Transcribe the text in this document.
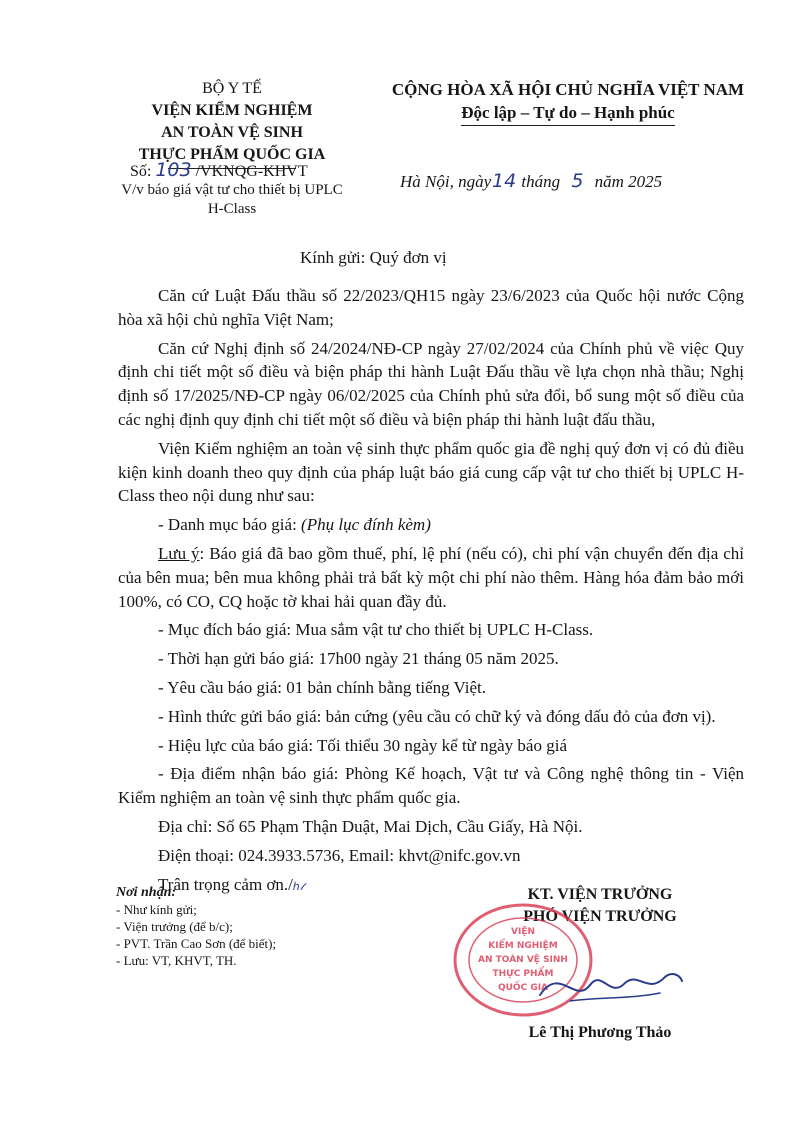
BỘ Y TẾ
VIỆN KIỂM NGHIỆM
AN TOÀN VỆ SINH
THỰC PHẨM QUỐC GIA
CỘNG HÒA XÃ HỘI CHỦ NGHĨA VIỆT NAM
Độc lập – Tự do – Hạnh phúc
Số: 103 /VKNQG-KHVT
V/v báo giá vật tư cho thiết bị UPLC H-Class
Hà Nội, ngày14 tháng 5 năm 2025
Kính gửi: Quý đơn vị

Căn cứ Luật Đấu thầu số 22/2023/QH15 ngày 23/6/2023 của Quốc hội nước Cộng hòa xã hội chủ nghĩa Việt Nam;

Căn cứ Nghị định số 24/2024/NĐ-CP ngày 27/02/2024 của Chính phủ về việc Quy định chi tiết một số điều và biện pháp thi hành Luật Đấu thầu về lựa chọn nhà thầu; Nghị định số 17/2025/NĐ-CP ngày 06/02/2025 của Chính phủ sửa đổi, bổ sung một số điều của các nghị định quy định chi tiết một số điều và biện pháp thi hành luật đấu thầu,

Viện Kiểm nghiệm an toàn vệ sinh thực phẩm quốc gia đề nghị quý đơn vị có đủ điều kiện kinh doanh theo quy định của pháp luật báo giá cung cấp vật tư cho thiết bị UPLC H-Class theo nội dung như sau:

- Danh mục báo giá: (Phụ lục đính kèm)

Lưu ý: Báo giá đã bao gồm thuế, phí, lệ phí (nếu có), chi phí vận chuyển đến địa chỉ của bên mua; bên mua không phải trả bất kỳ một chi phí nào thêm. Hàng hóa đảm bảo mới 100%, có CO, CQ hoặc tờ khai hải quan đầy đủ.

- Mục đích báo giá: Mua sắm vật tư cho thiết bị UPLC H-Class.

- Thời hạn gửi báo giá: 17h00 ngày 21 tháng 05 năm 2025.

- Yêu cầu báo giá: 01 bản chính bằng tiếng Việt.

- Hình thức gửi báo giá: bản cứng (yêu cầu có chữ ký và đóng dấu đỏ của đơn vị).

- Hiệu lực của báo giá: Tối thiểu 30 ngày kể từ ngày báo giá

- Địa điểm nhận báo giá: Phòng Kế hoạch, Vật tư và Công nghệ thông tin - Viện Kiểm nghiệm an toàn vệ sinh thực phẩm quốc gia.

Địa chỉ: Số 65 Phạm Thận Duật, Mai Dịch, Cầu Giấy, Hà Nội.

Điện thoại: 024.3933.5736, Email: khvt@nifc.gov.vn

Trân trọng cảm ơn./ℎ𝓉

Nơi nhận:
- Như kính gửi;
- Viện trưởng (để b/c);
- PVT. Trần Cao Sơn (để biết);
- Lưu: VT, KHVT, TH.
KT. VIỆN TRƯỞNG
PHÓ VIỆN TRƯỞNG
VIỆN
KIỂM NGHIỆM
AN TOÀN VỆ SINH
THỰC PHẨM
QUỐC GIA
Lê Thị Phương Thảo
